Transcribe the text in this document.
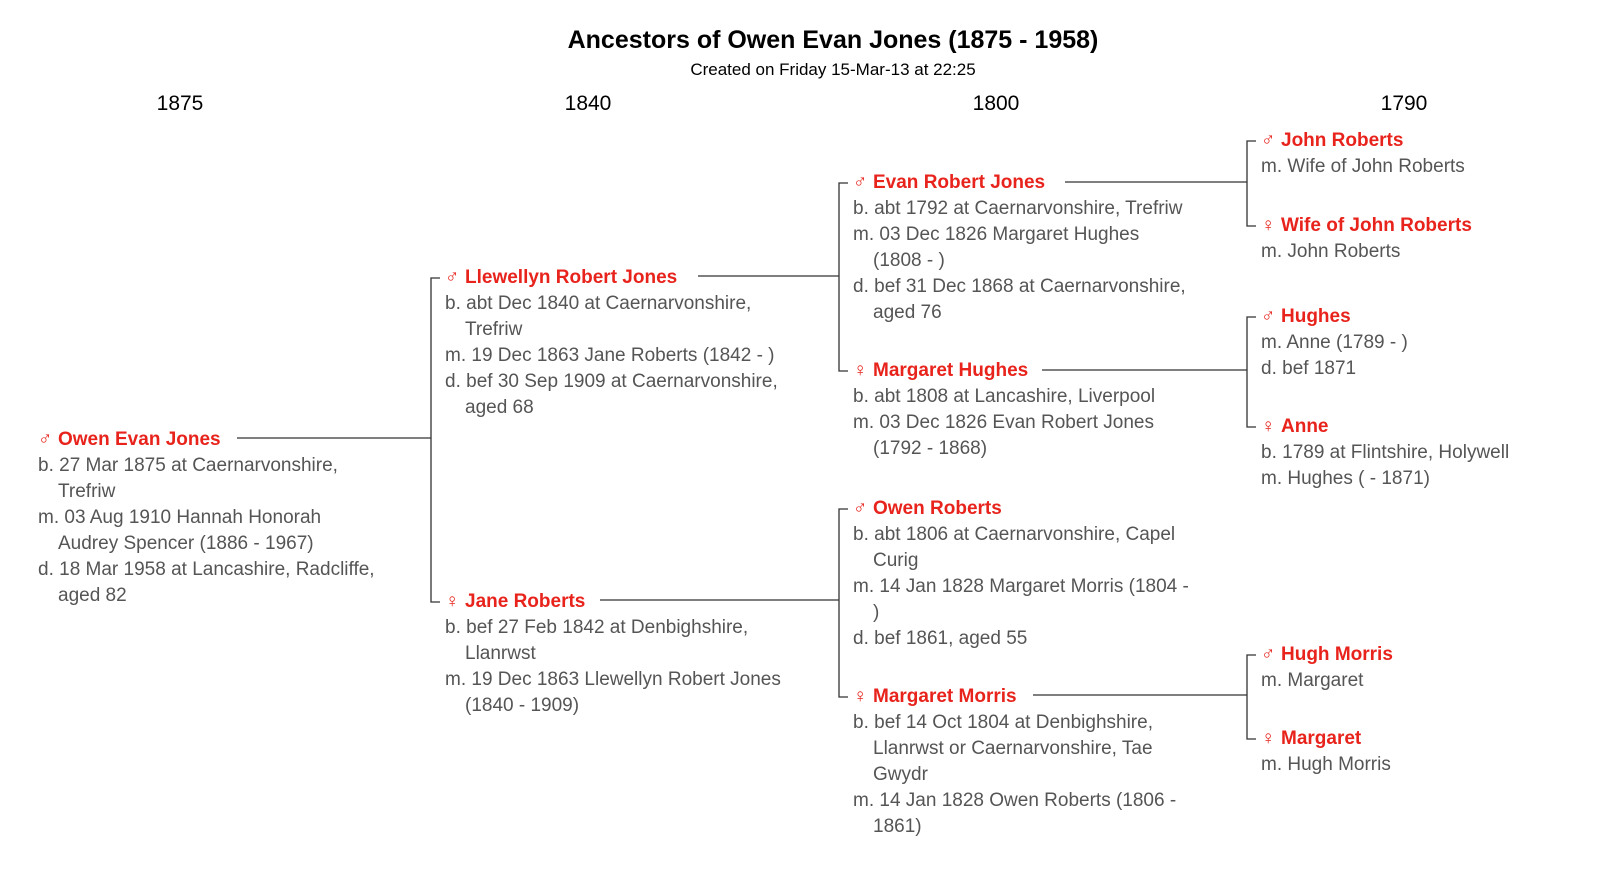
Ancestors of Owen Evan Jones (1875 - 1958)
Created on Friday 15-Mar-13 at 22:25
1875	1840	1800	1790
♂ Owen Evan Jones
b. 27 Mar 1875 at Caernarvonshire,
Trefriw
m. 03 Aug 1910 Hannah Honorah
Audrey Spencer (1886 - 1967)
d. 18 Mar 1958 at Lancashire, Radcliffe,
aged 82
♂ Llewellyn Robert Jones
b. abt Dec 1840 at Caernarvonshire,
Trefriw
m. 19 Dec 1863 Jane Roberts (1842 - )
d. bef 30 Sep 1909 at Caernarvonshire,
aged 68
♀ Jane Roberts
b. bef 27 Feb 1842 at Denbighshire,
Llanrwst
m. 19 Dec 1863 Llewellyn Robert Jones
(1840 - 1909)
♂ Evan Robert Jones
b. abt 1792 at Caernarvonshire, Trefriw
m. 03 Dec 1826 Margaret Hughes
(1808 - )
d. bef 31 Dec 1868 at Caernarvonshire,
aged 76
♀ Margaret Hughes
b. abt 1808 at Lancashire, Liverpool
m. 03 Dec 1826 Evan Robert Jones
(1792 - 1868)
♂ Owen Roberts
b. abt 1806 at Caernarvonshire, Capel
Curig
m. 14 Jan 1828 Margaret Morris (1804 -
)
d. bef 1861, aged 55
♀ Margaret Morris
b. bef 14 Oct 1804 at Denbighshire,
Llanrwst or Caernarvonshire, Tae
Gwydr
m. 14 Jan 1828 Owen Roberts (1806 -
1861)
♂ John Roberts
m. Wife of John Roberts
♀ Wife of John Roberts
m. John Roberts
♂ Hughes
m. Anne (1789 - )
d. bef 1871
♀ Anne
b. 1789 at Flintshire, Holywell
m. Hughes ( - 1871)
♂ Hugh Morris
m. Margaret
♀ Margaret
m. Hugh Morris
